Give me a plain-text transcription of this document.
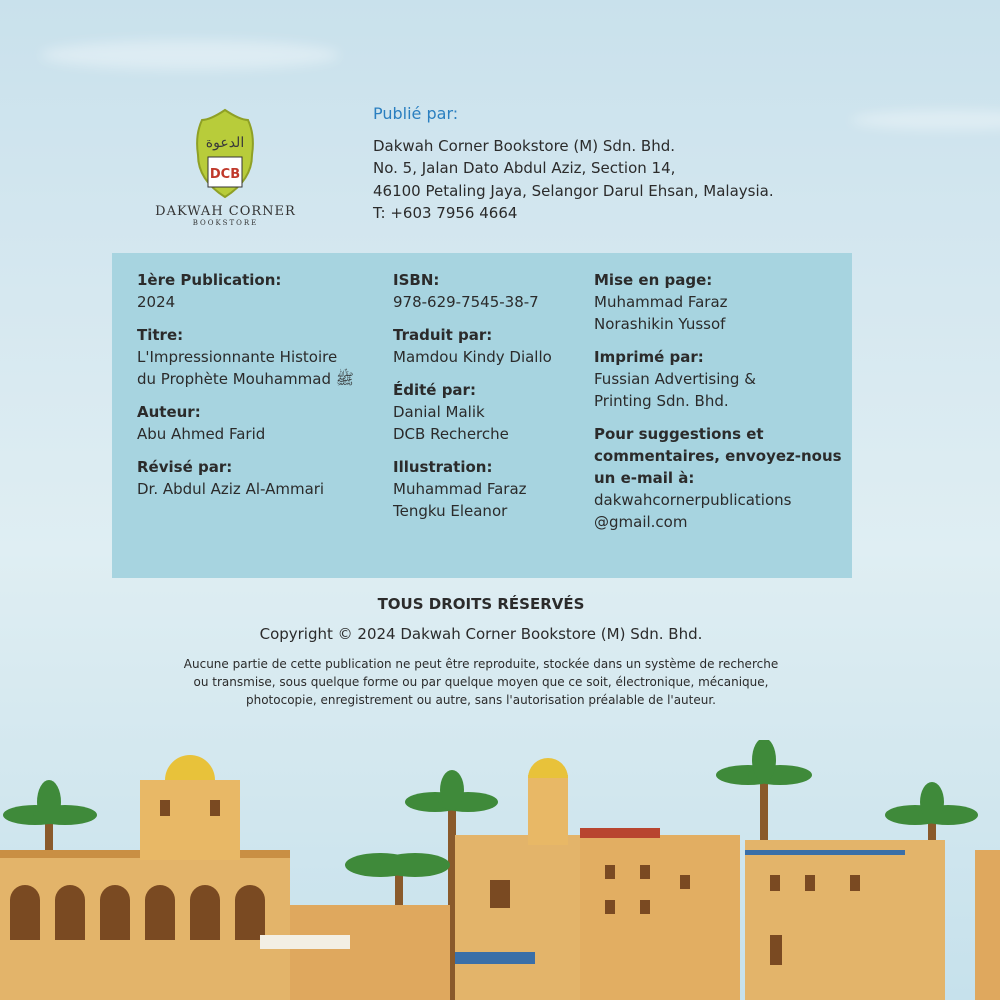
الدعوة
DCB
DAKWAH CORNER
BOOKSTORE
Publié par:
Dakwah Corner Bookstore (M) Sdn. Bhd.
No. 5, Jalan Dato Abdul Aziz, Section 14,
46100 Petaling Jaya, Selangor Darul Ehsan, Malaysia.
T: +603 7956 4664
1ère Publication:
2024
Titre:
L'Impressionnante Histoire
du Prophète Mouhammad ﷺ
Auteur:
Abu Ahmed Farid
Révisé par:
Dr. Abdul Aziz Al-Ammari
ISBN:
978-629-7545-38-7
Traduit par:
Mamdou Kindy Diallo
Édité par:
Danial Malik
DCB Recherche
Illustration:
Muhammad Faraz
Tengku Eleanor
Mise en page:
Muhammad Faraz
Norashikin Yussof
Imprimé par:
Fussian Advertising &
Printing Sdn. Bhd.
Pour suggestions et commentaires, envoyez-nous un e-mail à:
dakwahcornerpublications
@gmail.com
TOUS DROITS RÉSERVÉS
Copyright © 2024 Dakwah Corner Bookstore (M) Sdn. Bhd.
Aucune partie de cette publication ne peut être reproduite, stockée dans un système de recherche
ou transmise, sous quelque forme ou par quelque moyen que ce soit, électronique, mécanique,
photocopie, enregistrement ou autre, sans l'autorisation préalable de l'auteur.
